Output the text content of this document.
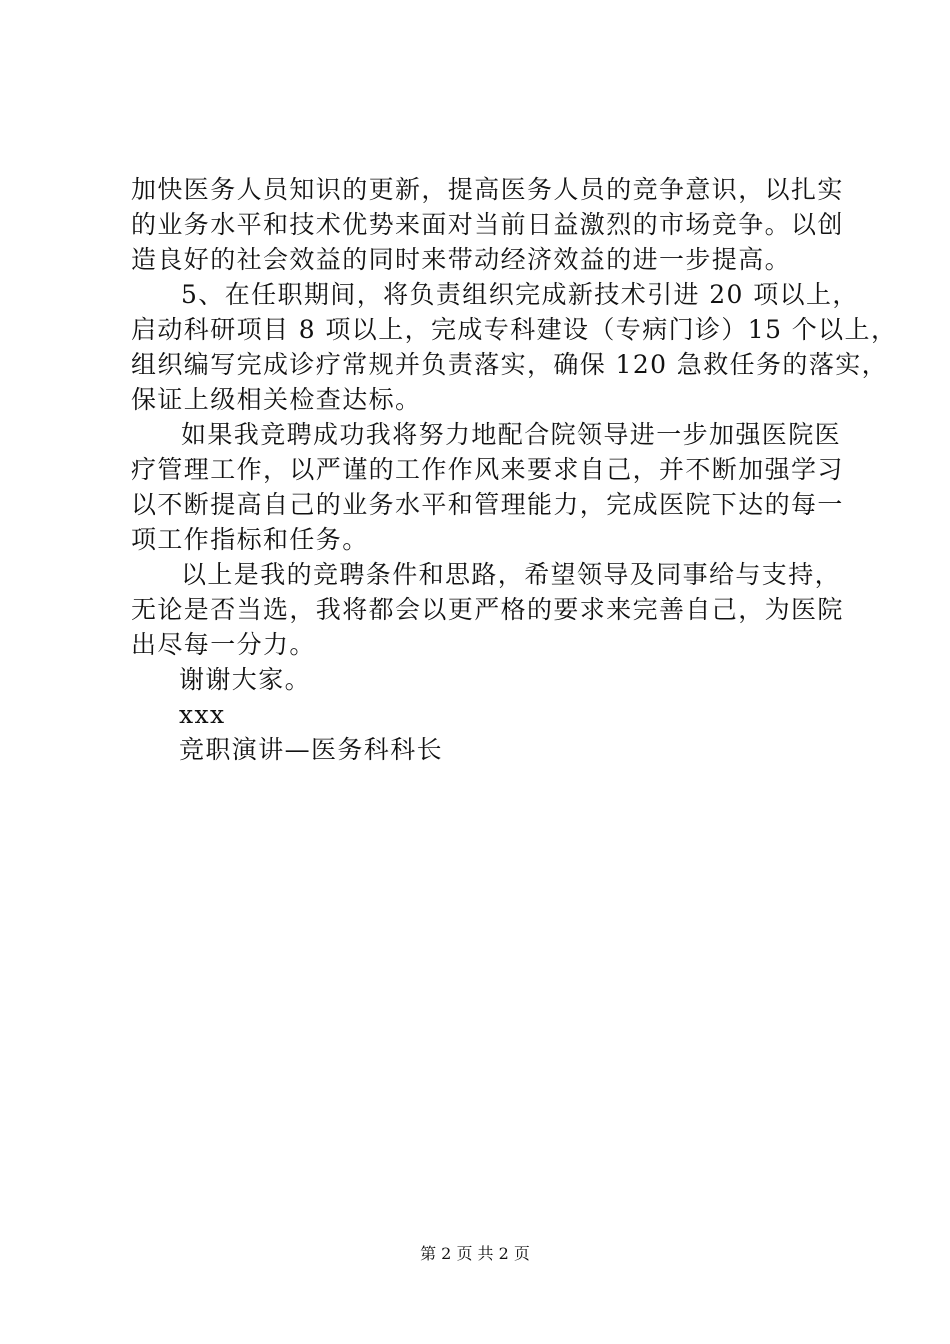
加快医务人员知识的更新，提高医务人员的竞争意识，以扎实
的业务水平和技术优势来面对当前日益激烈的市场竞争。以创
造良好的社会效益的同时来带动经济效益的进一步提高。
5、在任职期间，将负责组织完成新技术引进 20 项以上，
启动科研项目 8 项以上，完成专科建设（专病门诊）15 个以上，
组织编写完成诊疗常规并负责落实，确保 120 急救任务的落实，
保证上级相关检查达标。
如果我竞聘成功我将努力地配合院领导进一步加强医院医
疗管理工作，以严谨的工作作风来要求自己，并不断加强学习
以不断提高自己的业务水平和管理能力，完成医院下达的每一
项工作指标和任务。
以上是我的竞聘条件和思路，希望领导及同事给与支持，
无论是否当选，我将都会以更严格的要求来完善自己，为医院
出尽每一分力。
谢谢大家。
xxx
竞职演讲—医务科科长
第 2 页 共 2 页
